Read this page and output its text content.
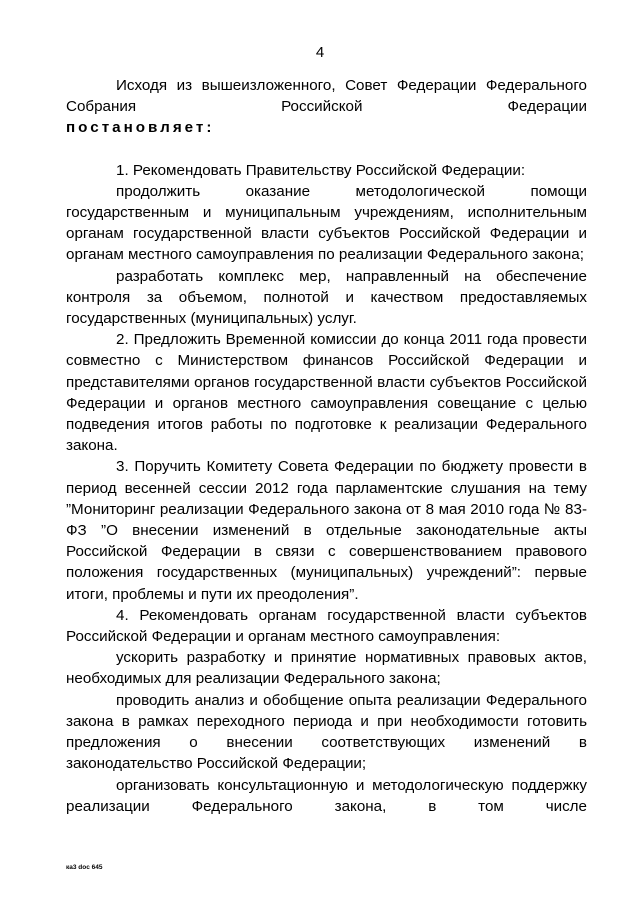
4

Исходя из вышеизложенного, Совет Федерации Федерального Собрания Российской Федерации

постановляет:

1. Рекомендовать Правительству Российской Федерации:

продолжить оказание методологической помощи государственным и муниципальным учреждениям, исполнительным органам государственной власти субъектов Российской Федерации и органам местного самоуправления по реализации Федерального закона;

разработать комплекс мер, направленный на обеспечение контроля за объемом, полнотой и качеством предоставляемых государственных (муниципальных) услуг.

2. Предложить Временной комиссии до конца 2011 года провести совместно с Министерством финансов Российской Федерации и представителями органов государственной власти субъектов Российской Федерации и органов местного самоуправления совещание с целью подведения итогов работы по подготовке к реализации Федерального закона.

3. Поручить Комитету Совета Федерации по бюджету провести в период весенней сессии 2012 года парламентские слушания на тему ”Мониторинг реализации Федерального закона от 8 мая 2010 года № 83-ФЗ ”О внесении изменений в отдельные законодательные акты Российской Федерации в связи с совершенствованием правового положения государственных (муниципальных) учреждений”: первые итоги, проблемы и пути их преодоления”.

4. Рекомендовать органам государственной власти субъектов Российской Федерации и органам местного самоуправления:

ускорить разработку и принятие нормативных правовых актов, необходимых для реализации Федерального закона;

проводить анализ и обобщение опыта реализации Федерального закона в рамках переходного периода и при необходимости готовить предложения о внесении соответствующих изменений в законодательство Российской Федерации;

организовать консультационную и методологическую поддержку реализации Федерального закона, в том числе

ка3 doc 645
